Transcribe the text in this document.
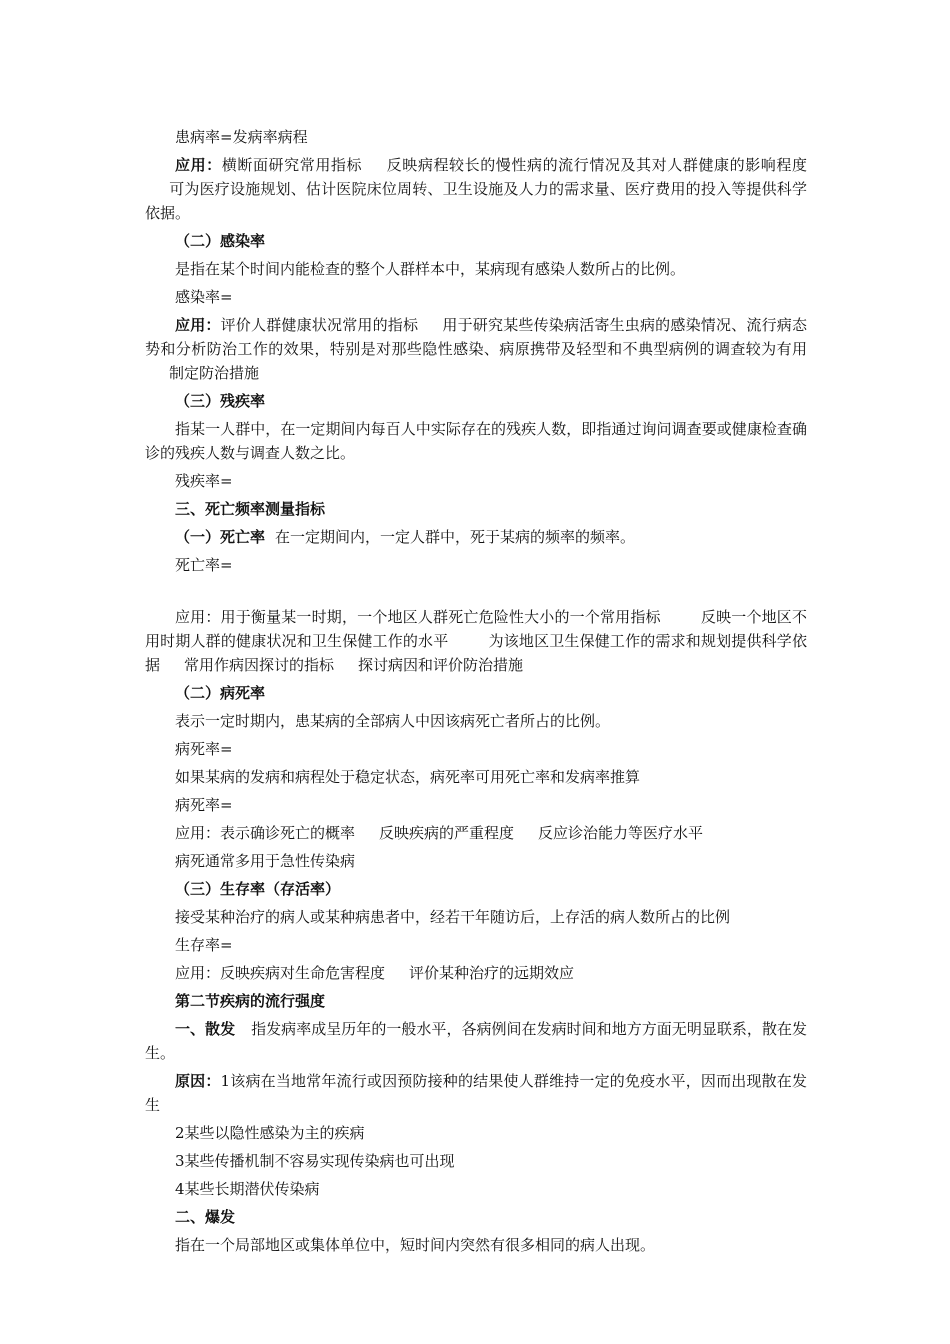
患病率=发病率病程

应用：横断面研究常用指标 反映病程较长的慢性病的流行情况及其对人群健康的影响程度可为医疗设施规划、估计医院床位周转、卫生设施及人力的需求量、医疗费用的投入等提供科学依据。

（二）感染率

是指在某个时间内能检查的整个人群样本中，某病现有感染人数所占的比例。

感染率=

应用：评价人群健康状况常用的指标 用于研究某些传染病活寄生虫病的感染情况、流行病态势和分析防治工作的效果，特别是对那些隐性感染、病原携带及轻型和不典型病例的调查较为有用制定防治措施

（三）残疾率

指某一人群中，在一定期间内每百人中实际存在的残疾人数，即指通过询问调查要或健康检查确诊的残疾人数与调查人数之比。

残疾率=

三、死亡频率测量指标

（一）死亡率 在一定期间内，一定人群中，死于某病的频率的频率。

死亡率=

应用：用于衡量某一时期，一个地区人群死亡危险性大小的一个常用指标	反映一个地区不用时期人群的健康状况和卫生保健工作的水平	为该地区卫生保健工作的需求和规划提供科学依据 常用作病因探讨的指标 探讨病因和评价防治措施

（二）病死率

表示一定时期内，患某病的全部病人中因该病死亡者所占的比例。

病死率=

如果某病的发病和病程处于稳定状态，病死率可用死亡率和发病率推算

病死率=

应用：表示确诊死亡的概率 反映疾病的严重程度 反应诊治能力等医疗水平

病死通常多用于急性传染病

（三）生存率（存活率）

接受某种治疗的病人或某种病患者中，经若干年随访后，上存活的病人数所占的比例

生存率=

应用：反映疾病对生命危害程度 评价某种治疗的远期效应

第二节疾病的流行强度

一、散发 指发病率成呈历年的一般水平，各病例间在发病时间和地方方面无明显联系，散在发生。

原因：1该病在当地常年流行或因预防接种的结果使人群维持一定的免疫水平，因而出现散在发生

2某些以隐性感染为主的疾病

3某些传播机制不容易实现传染病也可出现

4某些长期潜伏传染病

二、爆发

指在一个局部地区或集体单位中，短时间内突然有很多相同的病人出现。
